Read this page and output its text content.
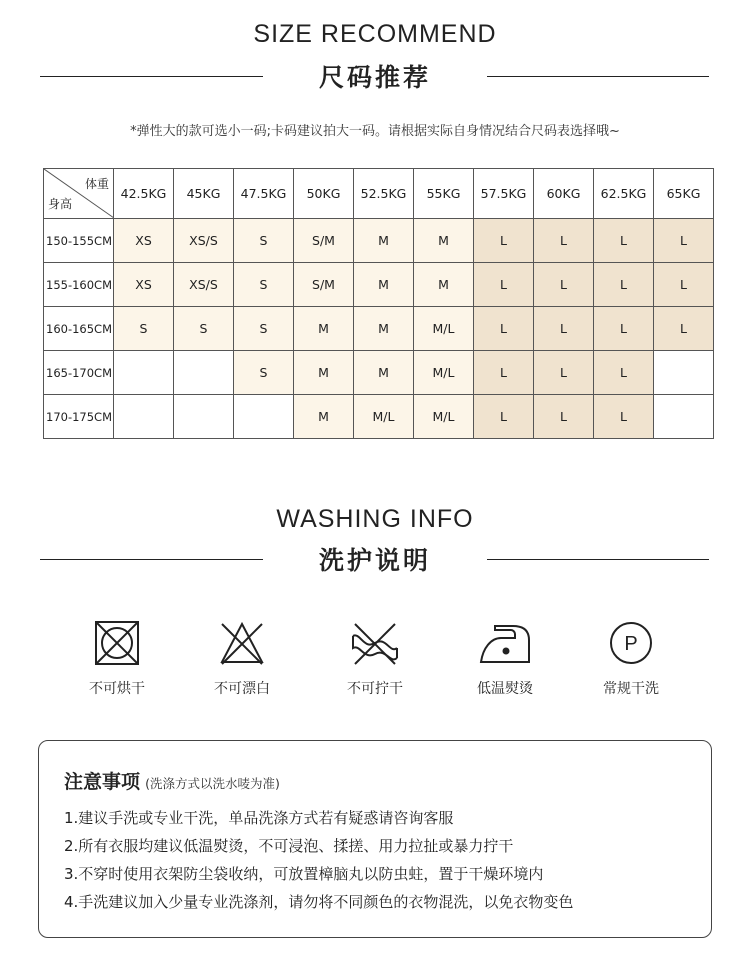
SIZE RECOMMEND
尺码推荐
*弹性大的款可选小一码;卡码建议拍大一码。请根据实际自身情况结合尺码表选择哦~
体重
身高	42.5KG	45KG	47.5KG	50KG	52.5KG	55KG	57.5KG	60KG	62.5KG	65KG
150-155CM	XS	XS/S	S	S/M	M	M	L	L	L	L
155-160CM	XS	XS/S	S	S/M	M	M	L	L	L	L
160-165CM	S	S	S	M	M	M/L	L	L	L	L
165-170CM			S	M	M	M/L	L	L	L	
170-175CM				M	M/L	M/L	L	L	L	
WASHING INFO
洗护说明
不可烘干	不可漂白	不可拧干	低温熨烫
P
常规干洗
注意事项 (洗涤方式以洗水唛为准)
1.建议手洗或专业干洗，单品洗涤方式若有疑惑请咨询客服
2.所有衣服均建议低温熨烫，不可浸泡、揉搓、用力拉扯或暴力拧干
3.不穿时使用衣架防尘袋收纳，可放置樟脑丸以防虫蛀，置于干燥环境内
4.手洗建议加入少量专业洗涤剂，请勿将不同颜色的衣物混洗，以免衣物变色
